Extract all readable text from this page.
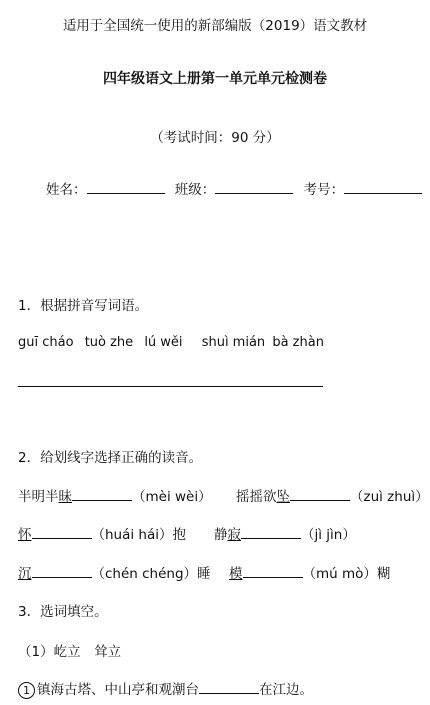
适用于全国统一使用的新部编版（2019）语文教材
四年级语文上册第一单元单元检测卷
（考试时间：90 分）
姓名：	班级：	考号：
1．根据拼音写词语。
guī cháo tuò zhe lú wěi shuì mián bà zhàn
2．给划线字选择正确的读音。
半明半昧	（mèi wèi） 摇摇欲坠	（zuì zhuì）
怀	（huái hái）抱 静寂	（jì jìn）
沉	（chén chéng）睡 模	（mú mò）糊
3．选词填空。
（1）屹立　耸立
1 镇海古塔、中山亭和观潮台	在江边。
